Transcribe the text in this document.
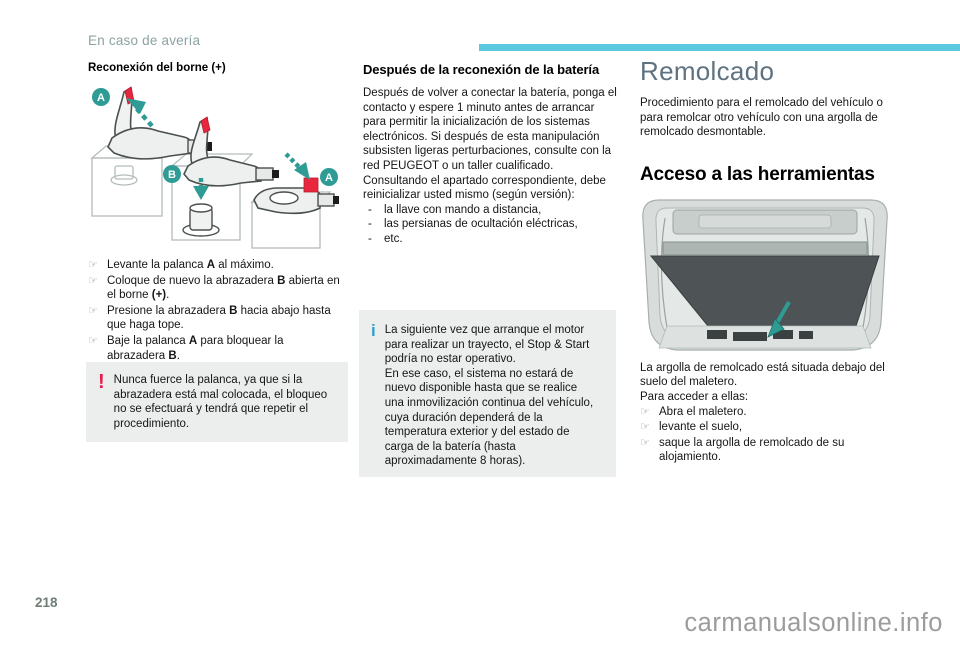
En caso de avería
Reconexión del borne (+)
A
B	A
☞ Levante la palanca A al máximo.
☞ Coloque de nuevo la abrazadera B abierta en el borne (+).
☞ Presione la abrazadera B hacia abajo hasta que haga tope.
☞ Baje la palanca A para bloquear la abrazadera B.
! Nunca fuerce la palanca, ya que si la abrazadera está mal colocada, el bloqueo no se efectuará y tendrá que repetir el procedimiento.
Después de la reconexión de la batería

Después de volver a conectar la batería, ponga el contacto y espere 1 minuto antes de arrancar para permitir la inicialización de los sistemas electrónicos. Si después de esta manipulación subsisten ligeras perturbaciones, consulte con la red PEUGEOT o un taller cualificado.

Consultando el apartado correspondiente, debe reinicializar usted mismo (según versión):

- la llave con mando a distancia,
- las persianas de ocultación eléctricas,
- etc.
i La siguiente vez que arranque el motor para realizar un trayecto, el Stop & Start podría no estar operativo.

En ese caso, el sistema no estará de nuevo disponible hasta que se realice una inmovilización continua del vehículo, cuya duración dependerá de la temperatura exterior y del estado de carga de la batería (hasta aproximadamente 8 horas).

Remolcado

Procedimiento para el remolcado del vehículo o para remolcar otro vehículo con una argolla de remolcado desmontable.

Acceso a las herramientas

La argolla de remolcado está situada debajo del suelo del maletero.

Para acceder a ellas:

☞ Abra el maletero.
☞ levante el suelo,
☞ saque la argolla de remolcado de su alojamiento.
218
carmanualsonline.info
